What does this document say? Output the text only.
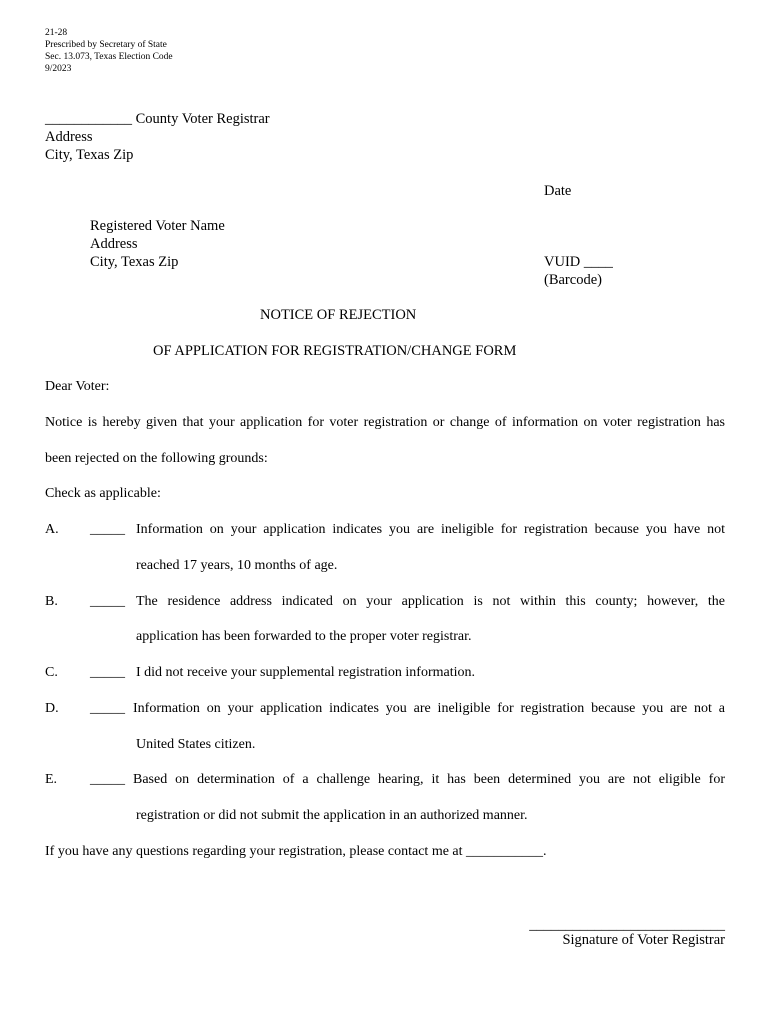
21-28
Prescribed by Secretary of State
Sec. 13.073, Texas Election Code
9/2023
____________ County Voter Registrar
Address
City, Texas Zip
Date
Registered Voter Name
Address
City, Texas Zip	VUID ____
(Barcode)
NOTICE OF REJECTION
OF APPLICATION FOR REGISTRATION/CHANGE FORM
Dear Voter:
Notice is hereby given that your application for voter registration or change of information on voter registration has
been rejected on the following grounds:
Check as applicable:
A. _____ Information on your application indicates you are ineligible for registration because you have not
reached 17 years, 10 months of age.
B. _____ The residence address indicated on your application is not within this county; however, the
application has been forwarded to the proper voter registrar.
C. _____ I did not receive your supplemental registration information.
D. _____ Information on your application indicates you are ineligible for registration because you are not a
United States citizen.
E. _____ Based on determination of a challenge hearing, it has been determined you are not eligible for
registration or did not submit the application in an authorized manner.
If you have any questions regarding your registration, please contact me at ___________.
___________________________
Signature of Voter Registrar
